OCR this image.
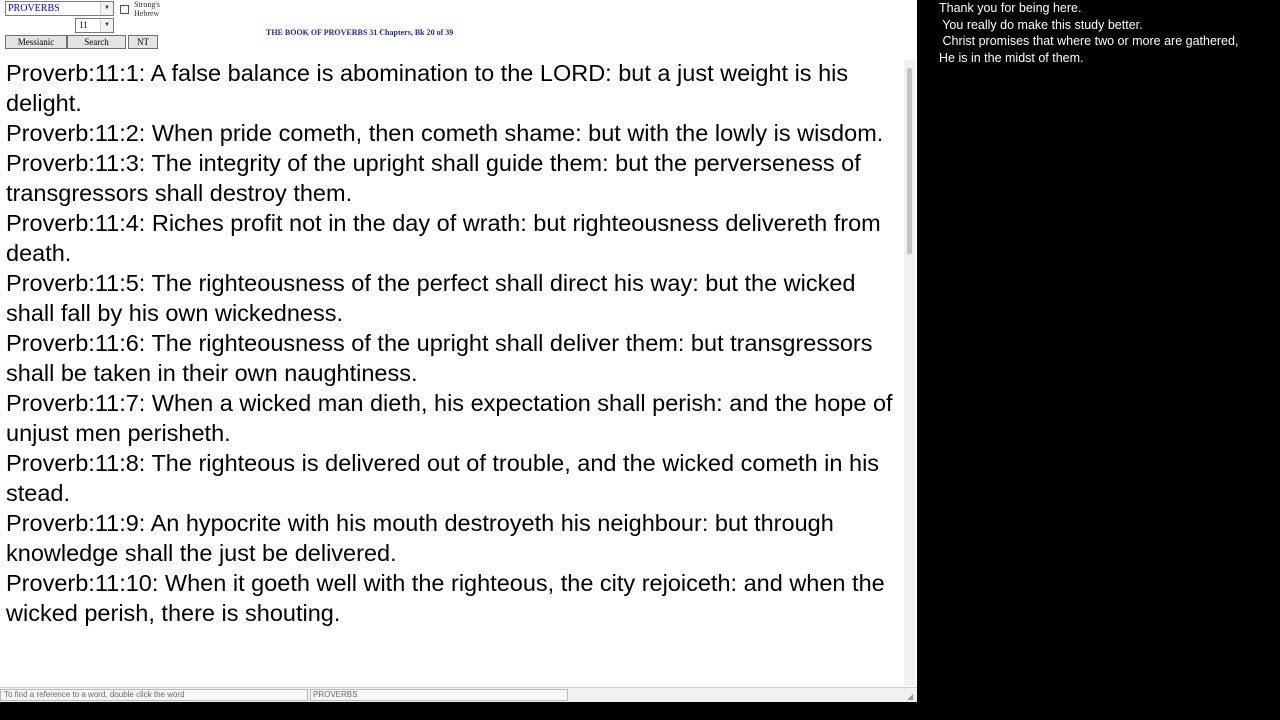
PROVERBS	▼
11	▼
Strong's Hebrew
Messianic	Search	NT
THE BOOK OF PROVERBS 31 Chapters, Bk 20 of 39

Proverb:11:1: A false balance is abomination to the LORD: but a just weight is his delight.

Proverb:11:2: When pride cometh, then cometh shame: but with the lowly is wisdom.

Proverb:11:3: The integrity of the upright shall guide them: but the perverseness of transgressors shall destroy them.

Proverb:11:4: Riches profit not in the day of wrath: but righteousness delivereth from death.

Proverb:11:5: The righteousness of the perfect shall direct his way: but the wicked shall fall by his own wickedness.

Proverb:11:6: The righteousness of the upright shall deliver them: but transgressors shall be taken in their own naughtiness.

Proverb:11:7: When a wicked man dieth, his expectation shall perish: and the hope of unjust men perisheth.

Proverb:11:8: The righteous is delivered out of trouble, and the wicked cometh in his stead.

Proverb:11:9: An hypocrite with his mouth destroyeth his neighbour: but through knowledge shall the just be delivered.

Proverb:11:10: When it goeth well with the righteous, the city rejoiceth: and when the wicked perish, there is shouting.

To find a reference to a word, double click the word	PROVERBS	◢
Thank you for being here.
You really do make this study better.
Christ promises that where two or more are gathered,
He is in the midst of them.
